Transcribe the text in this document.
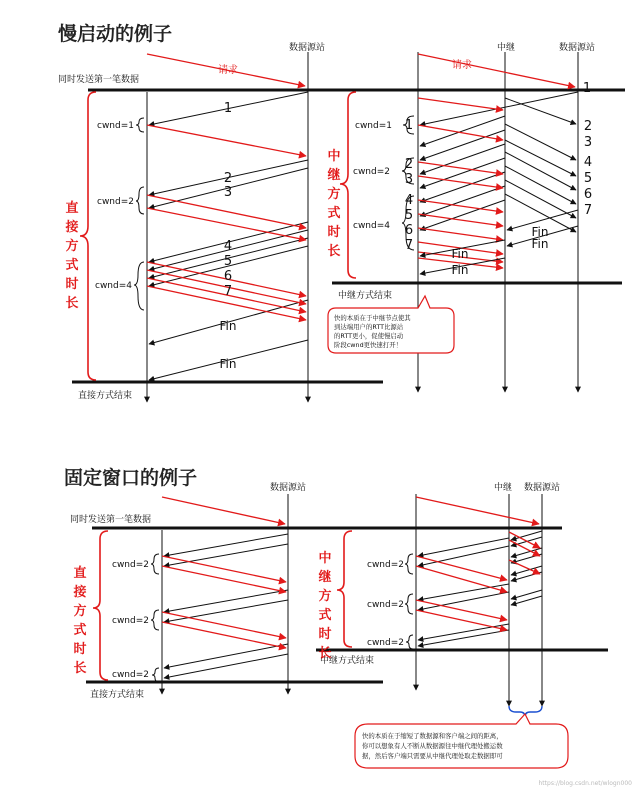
慢启动的例子
数据源站	中继	数据源站
同时发送第一笔数据
请求	请求
直接方式结束
中继方式结束
直
接
方
式
时
长
中
继
方
式
时
长
cwnd=1
cwnd=2
cwnd=4
cwnd=1
cwnd=2
cwnd=4
1
2
3
4
5
6
7
Fin
Fin
1
1
2
3
4
5
6
7
2
3
4
5
6
7
Fin
Fin
Fin
Fin
快的本质在于中继节点使其
到达端用户的RTT比源站
的RTT更小，促使慢启动
阶段cwnd更快速打开！
固定窗口的例子	数据源站	中继 数据源站
同时发送第一笔数据
直接方式结束
中继方式结束
直
接
方
式
时
长
中
继
方
式
时
长
cwnd=2
cwnd=2
cwnd=2
cwnd=2
cwnd=2
cwnd=2
快的本质在于缩短了数据源和客户端之间的距离，
你可以想象有人不断从数据源往中继代理处搬运数
据，然后客户端只需要从中继代理处取走数据即可
https://blog.csdn.net/wlogn000
